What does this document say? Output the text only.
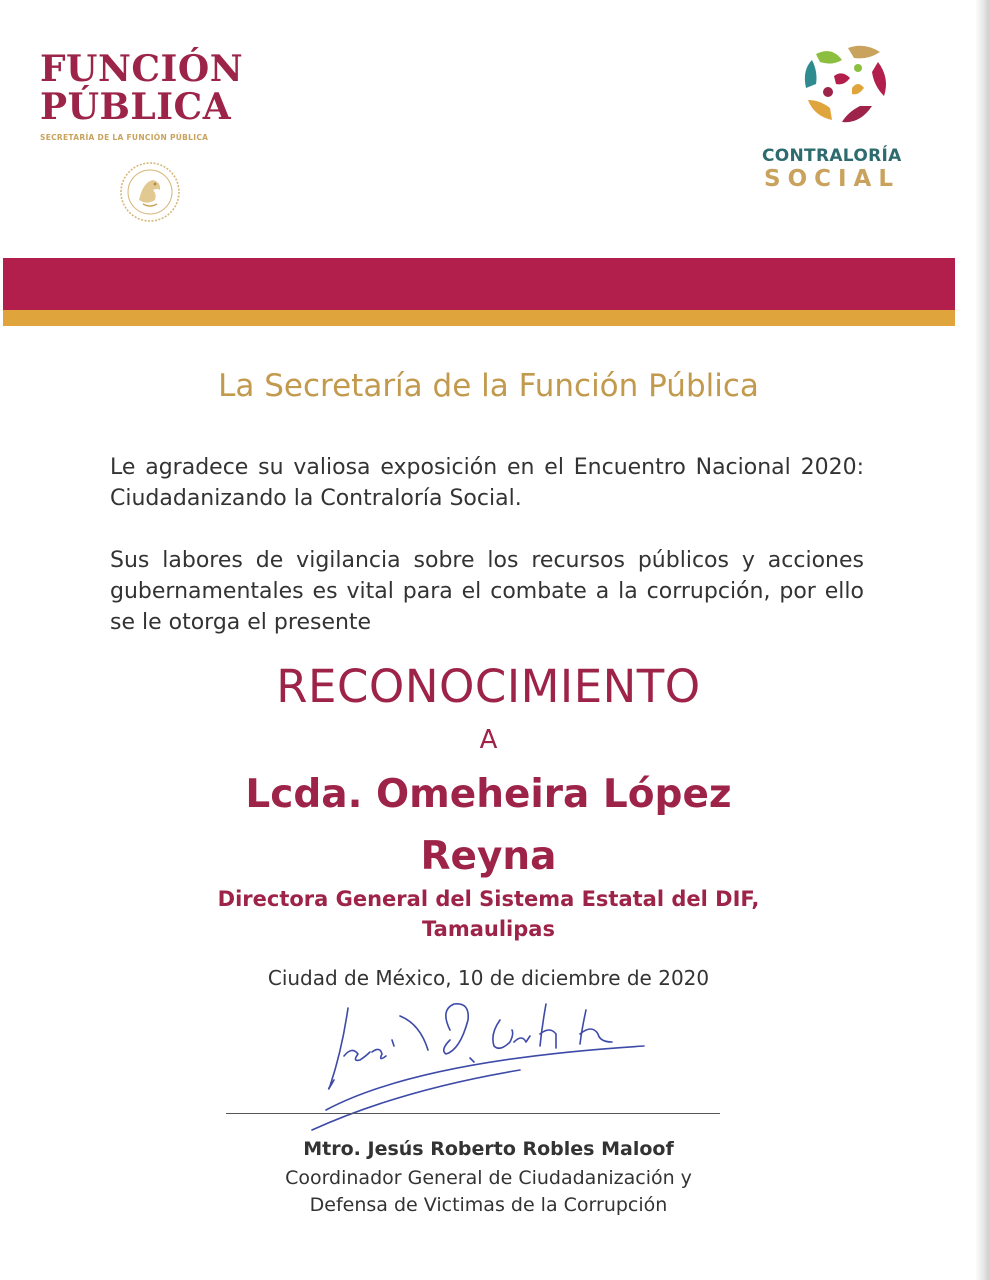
FUNCIÓN
PÚBLICA
SECRETARÍA DE LA FUNCIÓN PÚBLICA
CONTRALORÍA
SOCIAL
La Secretaría de la Función Pública

Le agradece su valiosa exposición en el Encuentro Nacional 2020: Ciudadanizando la Contraloría Social.

Sus labores de vigilancia sobre los recursos públicos y acciones gubernamentales es vital para el combate a la corrupción, por ello se le otorga el presente

RECONOCIMIENTO
A
Lcda. Omeheira López
Reyna
Directora General del Sistema Estatal del DIF,
Tamaulipas
Ciudad de México, 10 de diciembre de 2020
Mtro. Jesús Roberto Robles Maloof
Coordinador General de Ciudadanización y
Defensa de Victimas de la Corrupción
